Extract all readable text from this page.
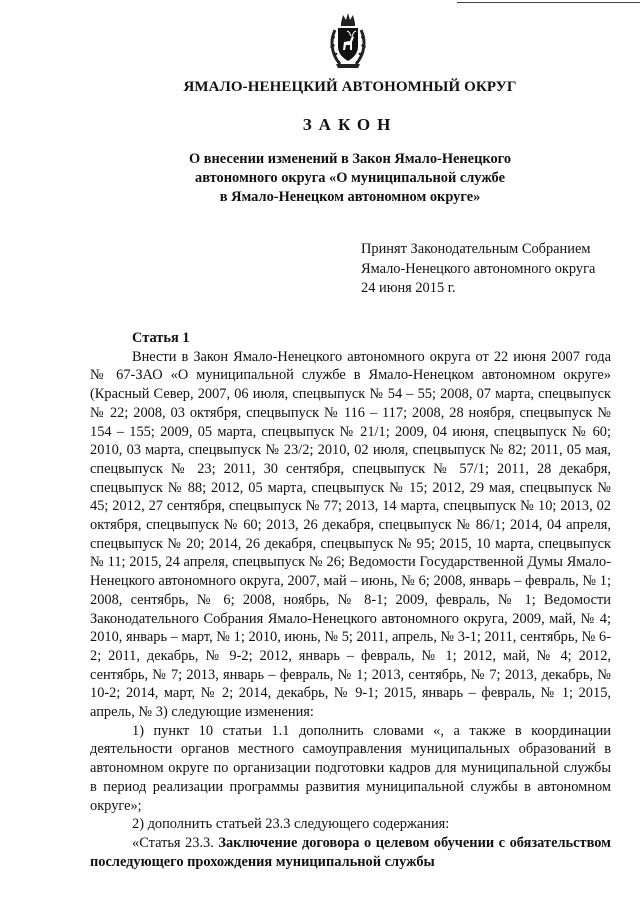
ЯМАЛО-НЕНЕЦКИЙ АВТОНОМНЫЙ ОКРУГ
ЗАКОН
О внесении изменений в Закон Ямало-Ненецкого
автономного округа «О муниципальной службе
в Ямало-Ненецком автономном округе»
Принят Законодательным Собранием
Ямало-Ненецкого автономного округа
24 июня 2015 г.
Статья 1

Внести в Закон Ямало-Ненецкого автономного округа от 22 июня 2007 года № 67-ЗАО «О муниципальной службе в Ямало-Ненецком автономном округе» (Красный Север, 2007, 06 июля, спецвыпуск № 54 – 55; 2008, 07 марта, спецвыпуск № 22; 2008, 03 октября, спецвыпуск № 116 – 117; 2008, 28 ноября, спецвыпуск № 154 – 155; 2009, 05 марта, спецвыпуск № 21/1; 2009, 04 июня, спецвыпуск № 60; 2010, 03 марта, спецвыпуск № 23/2; 2010, 02 июля, спецвыпуск № 82; 2011, 05 мая, спецвыпуск № 23; 2011, 30 сентября, спецвыпуск № 57/1; 2011, 28 декабря, спецвыпуск № 88; 2012, 05 марта, спецвыпуск № 15; 2012, 29 мая, спецвыпуск № 45; 2012, 27 сентября, спецвыпуск № 77; 2013, 14 марта, спецвыпуск № 10; 2013, 02 октября, спецвыпуск № 60; 2013, 26 декабря, спецвыпуск № 86/1; 2014, 04 апреля, спецвыпуск № 20; 2014, 26 декабря, спецвыпуск № 95; 2015, 10 марта, спецвыпуск № 11; 2015, 24 апреля, спецвыпуск № 26; Ведомости Государственной Думы Ямало-Ненецкого автономного округа, 2007, май – июнь, № 6; 2008, январь – февраль, № 1; 2008, сентябрь, № 6; 2008, ноябрь, № 8-1; 2009, февраль, № 1; Ведомости Законодательного Собрания Ямало-Ненецкого автономного округа, 2009, май, № 4; 2010, январь – март, № 1; 2010, июнь, № 5; 2011, апрель, № 3-1; 2011, сентябрь, № 6-2; 2011, декабрь, № 9-2; 2012, январь – февраль, № 1; 2012, май, № 4; 2012, сентябрь, № 7; 2013, январь – февраль, № 1; 2013, сентябрь, № 7; 2013, декабрь, № 10-2; 2014, март, № 2; 2014, декабрь, № 9-1; 2015, январь – февраль, № 1; 2015, апрель, № 3) следующие изменения:

1) пункт 10 статьи 1.1 дополнить словами «, а также в координации деятельности органов местного самоуправления муниципальных образований в автономном округе по организации подготовки кадров для муниципальной службы в период реализации программы развития муниципальной службы в автономном округе»;

2) дополнить статьей 23.3 следующего содержания:

«Статья 23.3. Заключение договора о целевом обучении с обязательством последующего прохождения муниципальной службы
